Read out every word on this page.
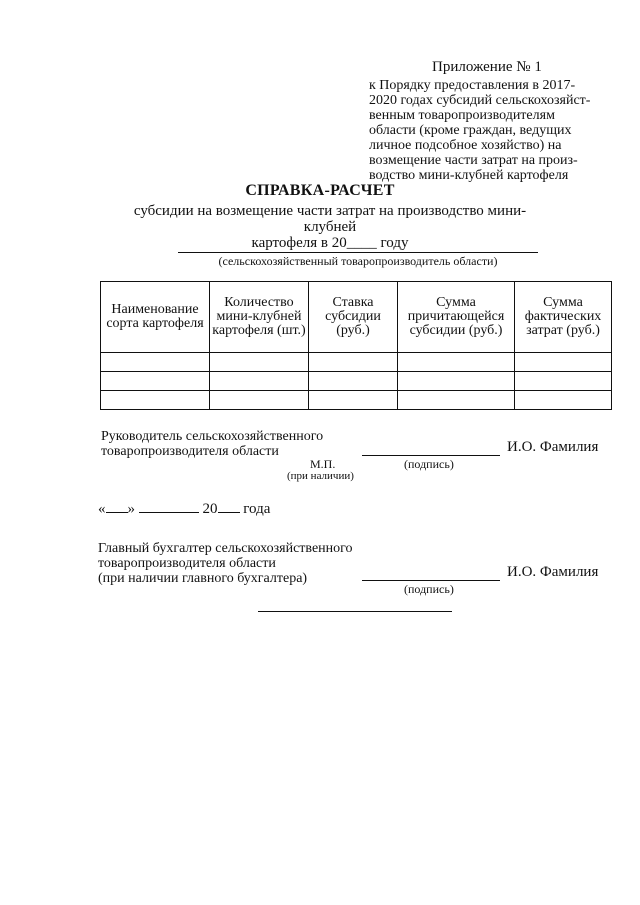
Приложение № 1
к Порядку предоставления в 2017-
2020 годах субсидий сельскохозяйст-
венным товаропроизводителям
области (кроме граждан, ведущих
личное подсобное хозяйство) на
возмещение части затрат на произ-
водство мини-клубней картофеля
СПРАВКА-РАСЧЕТ
субсидии на возмещение части затрат на производство мини-клубней
картофеля в 20____ году
(сельскохозяйственный товаропроизводитель области)
Наименование сорта картофеля	Количество мини-клубней картофеля (шт.)	Ставка субсидии (руб.)	Сумма причитающейся субсидии (руб.)	Сумма фактических затрат (руб.)

Руководитель сельскохозяйственного
товаропроизводителя области	И.О. Фамилия
(подпись)
М.П.
(при наличии)
« »	20 года
Главный бухгалтер сельскохозяйственного
товаропроизводителя области
(при наличии главного бухгалтера)	И.О. Фамилия
(подпись)
